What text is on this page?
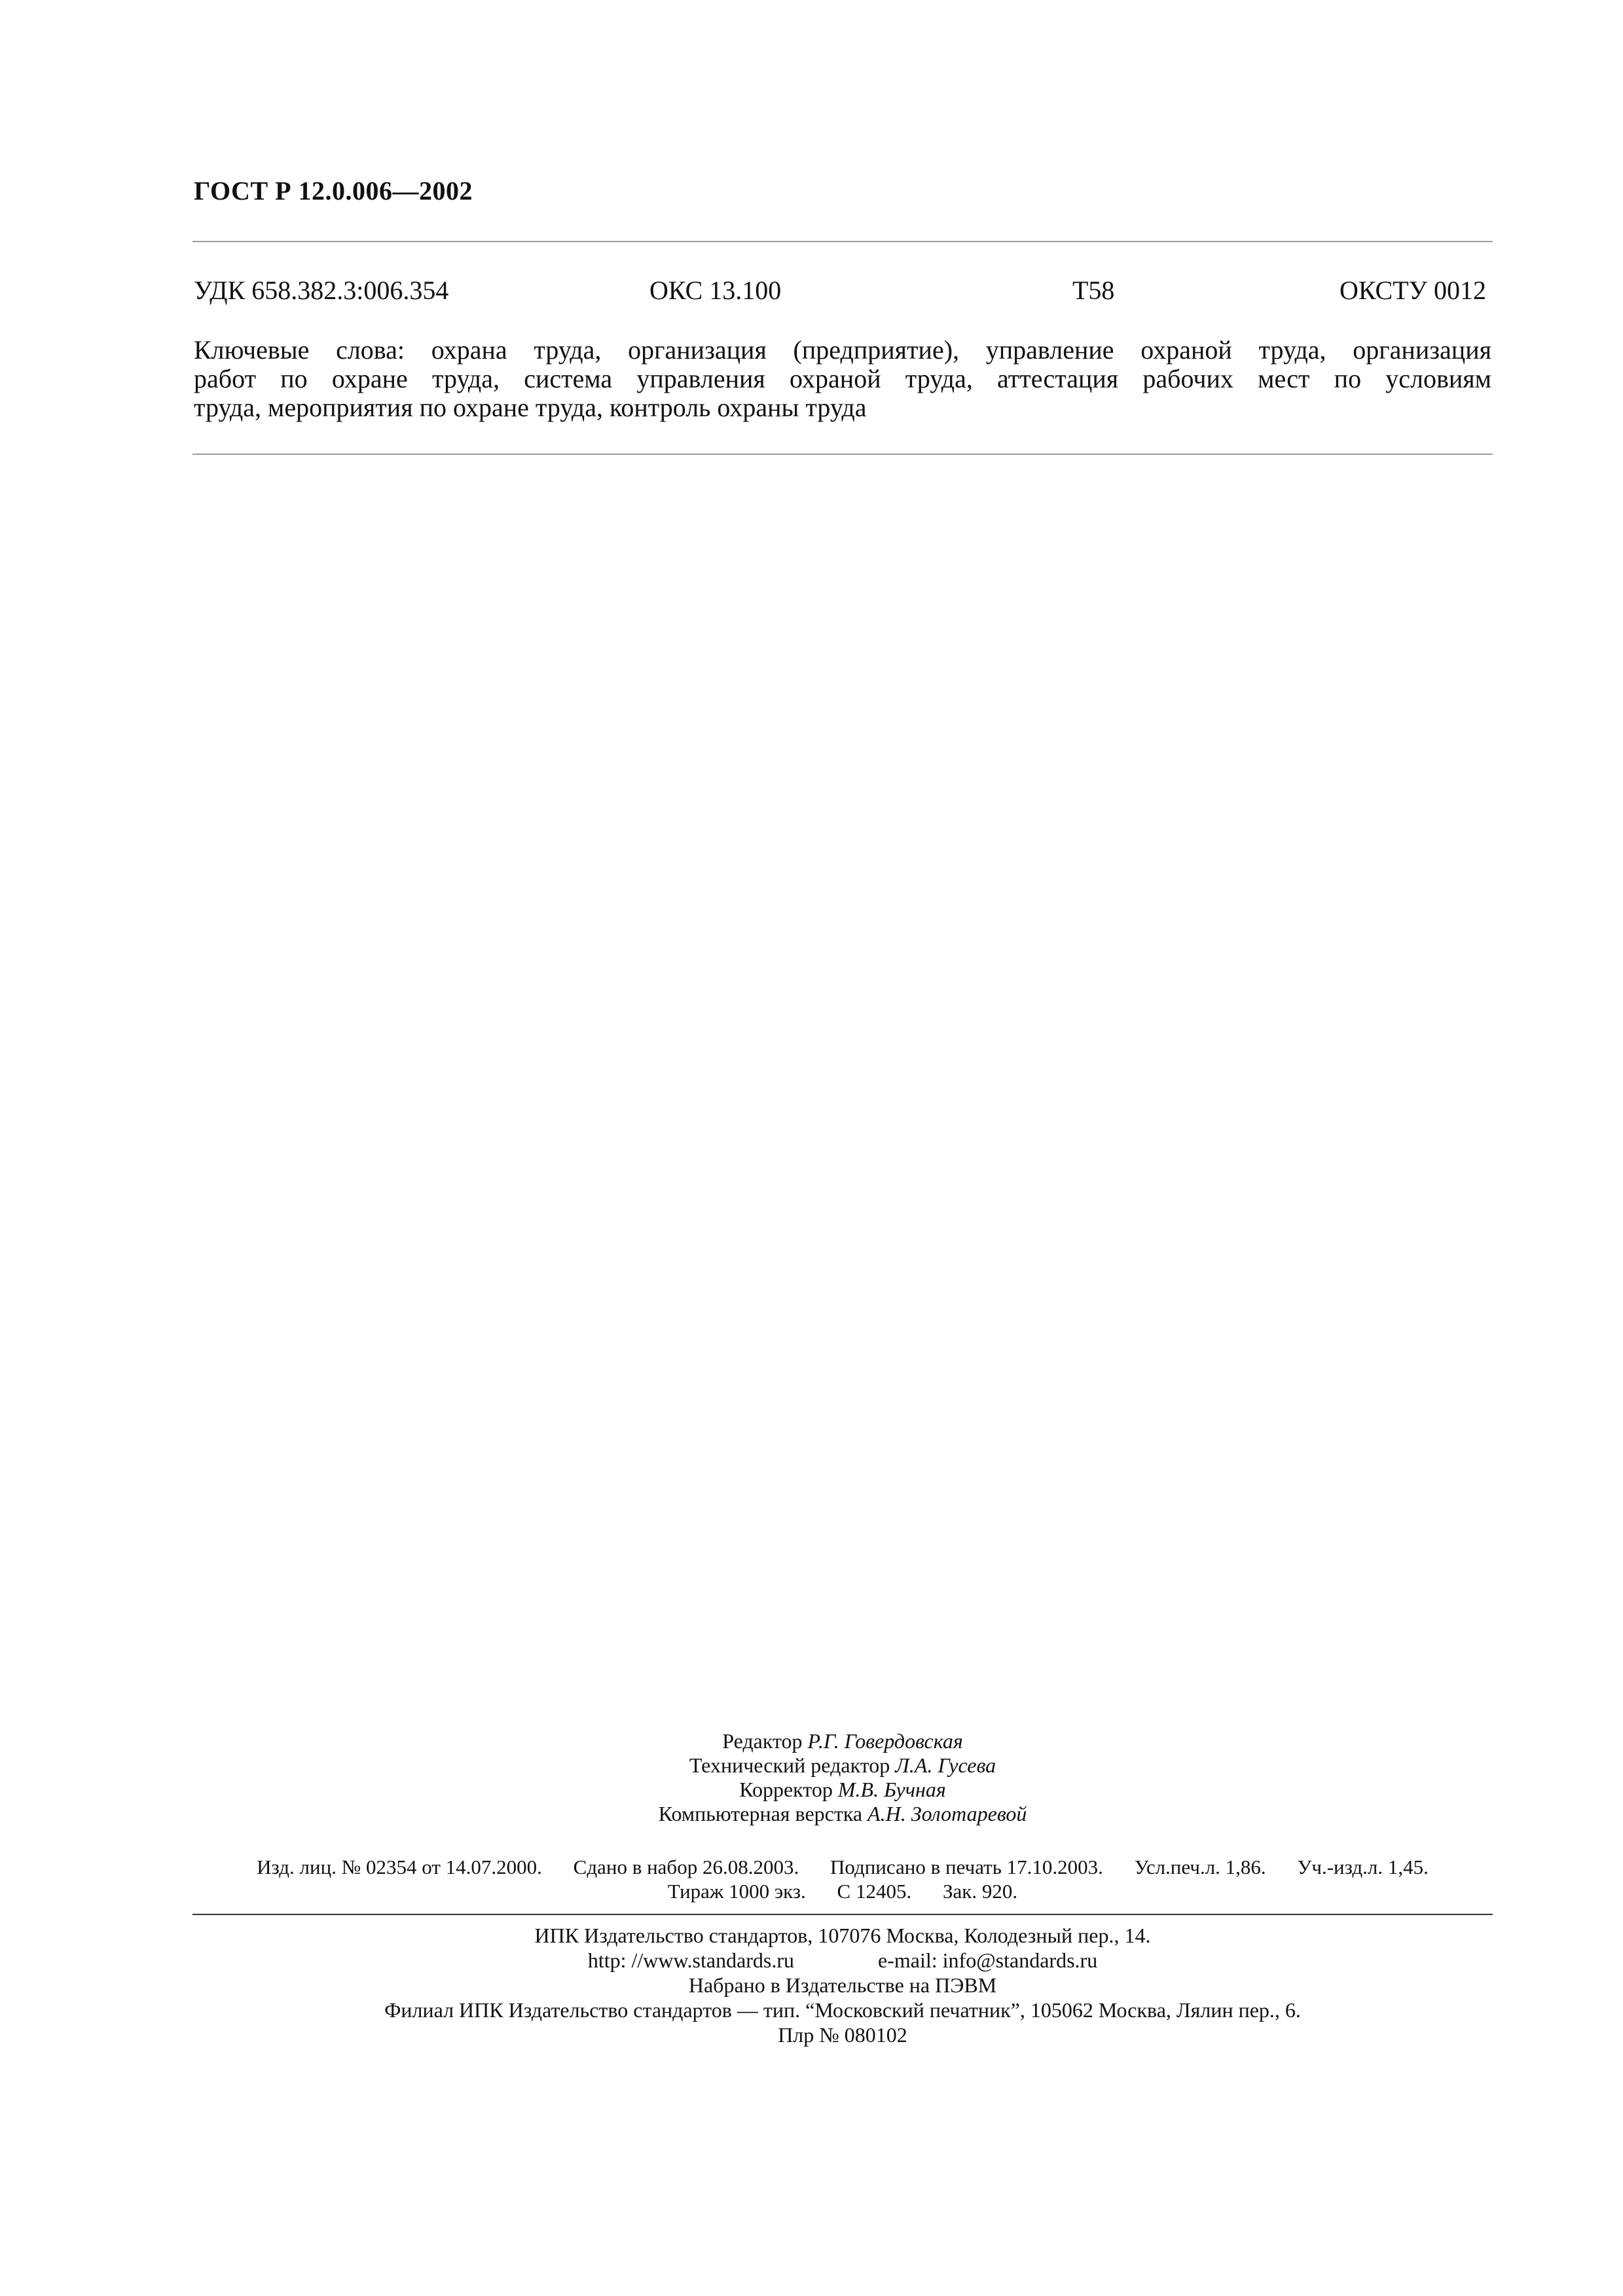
ГОСТ Р 12.0.006—2002
УДК 658.382.3:006.354	ОКС 13.100	Т58	ОКСТУ 0012
Ключевые слова: охрана труда, организация (предприятие), управление охраной труда, организация
работ по охране труда, система управления охраной труда, аттестация рабочих мест по условиям
труда, мероприятия по охране труда, контроль охраны труда
Редактор Р.Г. Говердовская
Технический редактор Л.А. Гусева
Корректор М.В. Бучная
Компьютерная верстка А.Н. Золотаревой
Изд. лиц. № 02354 от 14.07.2000. Сдано в набор 26.08.2003. Подписано в печать 17.10.2003. Усл.печ.л. 1,86. Уч.-изд.л. 1,45.
Тираж 1000 экз. С 12405. Зак. 920.
ИПК Издательство стандартов, 107076 Москва, Колодезный пер., 14.
http: //www.standards.ru	e-mail: info@standards.ru
Набрано в Издательстве на ПЭВМ
Филиал ИПК Издательство стандартов — тип. “Московский печатник”, 105062 Москва, Лялин пер., 6.
Плр № 080102
